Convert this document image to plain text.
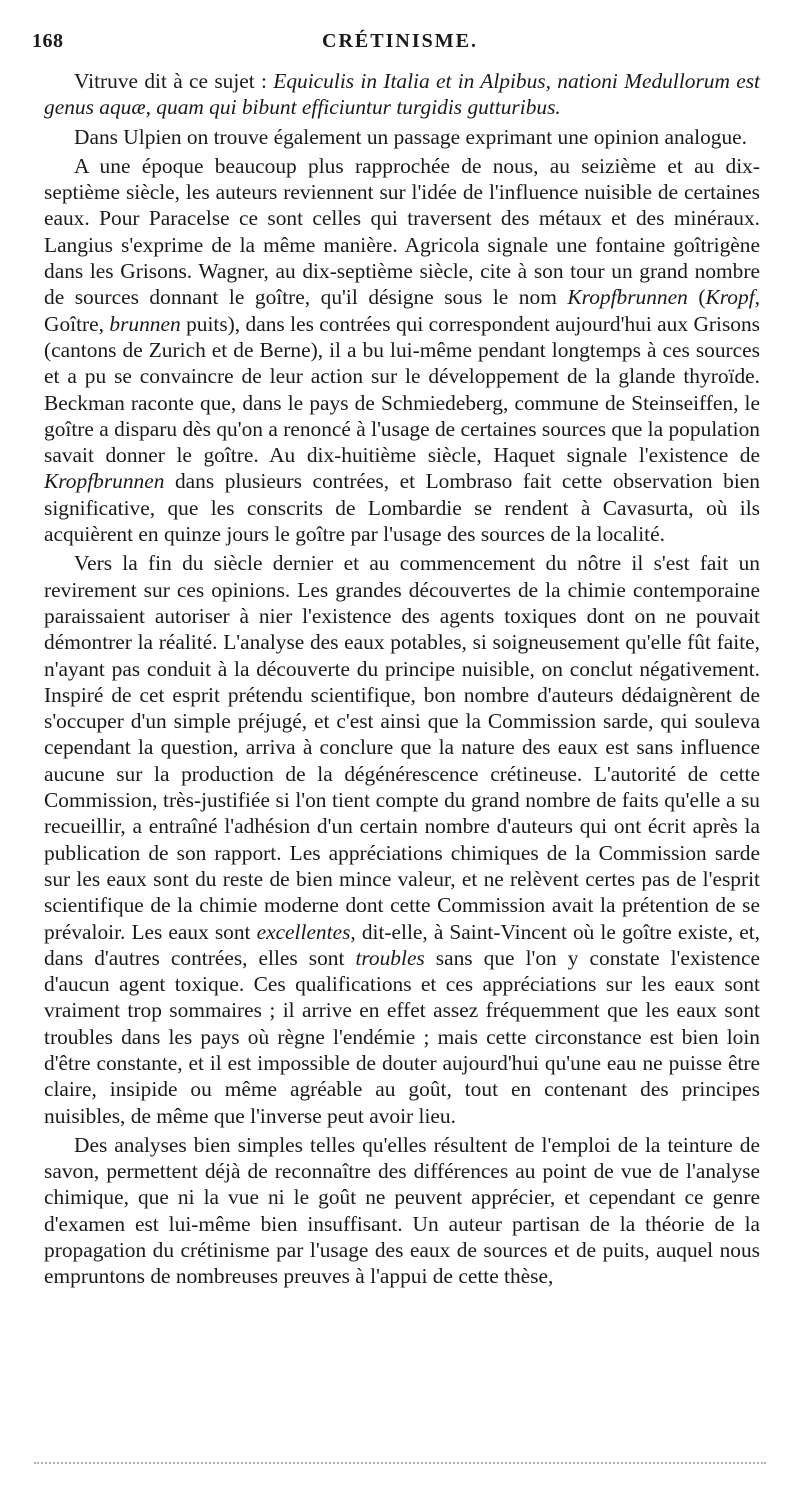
168	CRÉTINISME.

Vitruve dit à ce sujet : Equiculis in Italia et in Alpibus, nationi Medullorum est genus aquæ, quam qui bibunt efficiuntur turgidis gutturibus.

Dans Ulpien on trouve également un passage exprimant une opinion analogue.

A une époque beaucoup plus rapprochée de nous, au seizième et au dix-septième siècle, les auteurs reviennent sur l'idée de l'influence nuisible de certaines eaux. Pour Paracelse ce sont celles qui traversent des métaux et des minéraux. Langius s'exprime de la même manière. Agricola signale une fontaine goîtrigène dans les Grisons. Wagner, au dix-septième siècle, cite à son tour un grand nombre de sources donnant le goître, qu'il désigne sous le nom Kropfbrunnen (Kropf, Goître, brunnen puits), dans les contrées qui correspondent aujourd'hui aux Grisons (cantons de Zurich et de Berne), il a bu lui-même pendant longtemps à ces sources et a pu se convaincre de leur action sur le développement de la glande thyroïde. Beckman raconte que, dans le pays de Schmiedeberg, commune de Steinseiffen, le goître a disparu dès qu'on a renoncé à l'usage de certaines sources que la population savait donner le goître. Au dix-huitième siècle, Haquet signale l'existence de Kropfbrunnen dans plusieurs contrées, et Lombraso fait cette observation bien significative, que les conscrits de Lombardie se rendent à Cavasurta, où ils acquièrent en quinze jours le goître par l'usage des sources de la localité.

Vers la fin du siècle dernier et au commencement du nôtre il s'est fait un revirement sur ces opinions. Les grandes découvertes de la chimie contemporaine paraissaient autoriser à nier l'existence des agents toxiques dont on ne pouvait démontrer la réalité. L'analyse des eaux potables, si soigneusement qu'elle fût faite, n'ayant pas conduit à la découverte du principe nuisible, on conclut négativement. Inspiré de cet esprit prétendu scientifique, bon nombre d'auteurs dédaignèrent de s'occuper d'un simple préjugé, et c'est ainsi que la Commission sarde, qui souleva cependant la question, arriva à conclure que la nature des eaux est sans influence aucune sur la production de la dégénérescence crétineuse. L'autorité de cette Commission, très-justifiée si l'on tient compte du grand nombre de faits qu'elle a su recueillir, a entraîné l'adhésion d'un certain nombre d'auteurs qui ont écrit après la publication de son rapport. Les appréciations chimiques de la Commission sarde sur les eaux sont du reste de bien mince valeur, et ne relèvent certes pas de l'esprit scientifique de la chimie moderne dont cette Commission avait la prétention de se prévaloir. Les eaux sont excellentes, dit-elle, à Saint-Vincent où le goître existe, et, dans d'autres contrées, elles sont troubles sans que l'on y constate l'existence d'aucun agent toxique. Ces qualifications et ces appréciations sur les eaux sont vraiment trop sommaires ; il arrive en effet assez fréquemment que les eaux sont troubles dans les pays où règne l'endémie ; mais cette circonstance est bien loin d'être constante, et il est impossible de douter aujourd'hui qu'une eau ne puisse être claire, insipide ou même agréable au goût, tout en contenant des principes nuisibles, de même que l'inverse peut avoir lieu.

Des analyses bien simples telles qu'elles résultent de l'emploi de la teinture de savon, permettent déjà de reconnaître des différences au point de vue de l'analyse chimique, que ni la vue ni le goût ne peuvent apprécier, et cependant ce genre d'examen est lui-même bien insuffisant. Un auteur partisan de la théorie de la propagation du crétinisme par l'usage des eaux de sources et de puits, auquel nous empruntons de nombreuses preuves à l'appui de cette thèse,
